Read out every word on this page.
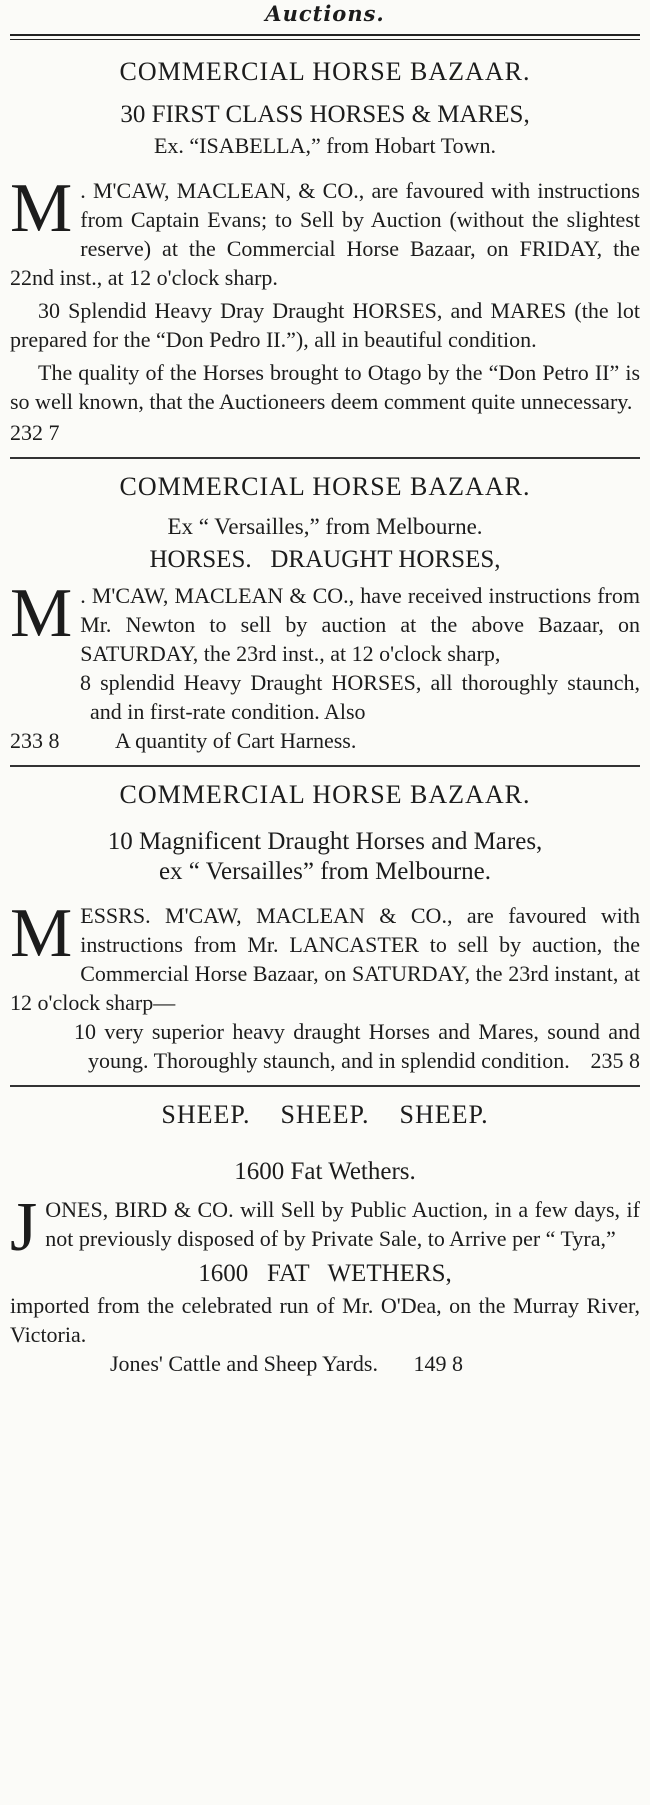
Auctions.
COMMERCIAL HORSE BAZAAR.
30 FIRST CLASS HORSES & MARES,
Ex. “ISABELLA,” from Hobart Town.
M . M'CAW, MACLEAN, & CO., are favoured with instructions from Captain Evans; to Sell by Auction (without the slightest reserve) at the Commercial Horse Bazaar, on FRIDAY, the 22nd inst., at 12 o'clock sharp.

30 Splendid Heavy Dray Draught HORSES, and MARES (the lot prepared for the “Don Pedro II.”), all in beautiful condition.

The quality of the Horses brought to Otago by the “Don Petro II” is so well known, that the Auctioneers deem comment quite unnecessary.

232 7
COMMERCIAL HORSE BAZAAR.
Ex “ Versailles,” from Melbourne.
HORSES.   DRAUGHT HORSES,
M . M'CAW, MACLEAN & CO., have received instructions from Mr. Newton to sell by auction at the above Bazaar, on SATURDAY, the 23rd inst., at 12 o'clock sharp,

8 splendid Heavy Draught HORSES, all thoroughly staunch, and in first-rate condition. Also

233 8	A quantity of Cart Harness.
COMMERCIAL HORSE BAZAAR.
10 Magnificent Draught Horses and Mares,
ex “ Versailles” from Melbourne.
M ESSRS. M'CAW, MACLEAN & CO., are favoured with instructions from Mr. LANCASTER to sell by auction, the Commercial Horse Bazaar, on SATURDAY, the 23rd instant, at 12 o'clock sharp—

10 very superior heavy draught Horses and Mares, sound and young. Thoroughly staunch, and in splendid condition. 235 8
SHEEP.    SHEEP.    SHEEP.
1600 Fat Wethers.
J ONES, BIRD & CO. will Sell by Public Auction, in a few days, if not previously disposed of by Private Sale, to Arrive per “ Tyra,”

1600   FAT   WETHERS,

imported from the celebrated run of Mr. O'Dea, on the Murray River, Victoria.

Jones' Cattle and Sheep Yards. 149 8
